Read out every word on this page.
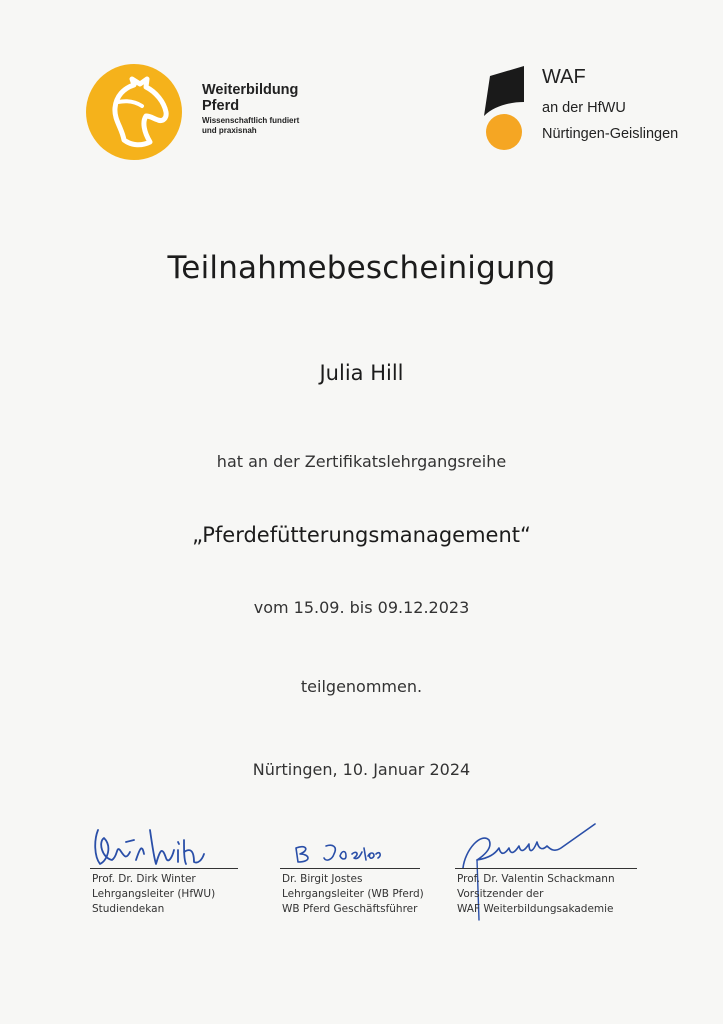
Weiterbildung
Pferd
Wissenschaftlich fundiert
und praxisnah
WAF
an der HfWU
Nürtingen-Geislingen
Teilnahmebescheinigung
Julia Hill
hat an der Zertifikatslehrgangsreihe
„Pferdefütterungsmanagement“
vom 15.09. bis 09.12.2023
teilgenommen.
Nürtingen, 10. Januar 2024
Prof. Dr. Dirk Winter
Lehrgangsleiter (HfWU)
Studiendekan
Dr. Birgit Jostes
Lehrgangsleiter (WB Pferd)
WB Pferd Geschäftsführer
Prof. Dr. Valentin Schackmann
Vorsitzender der
WAF Weiterbildungsakademie
